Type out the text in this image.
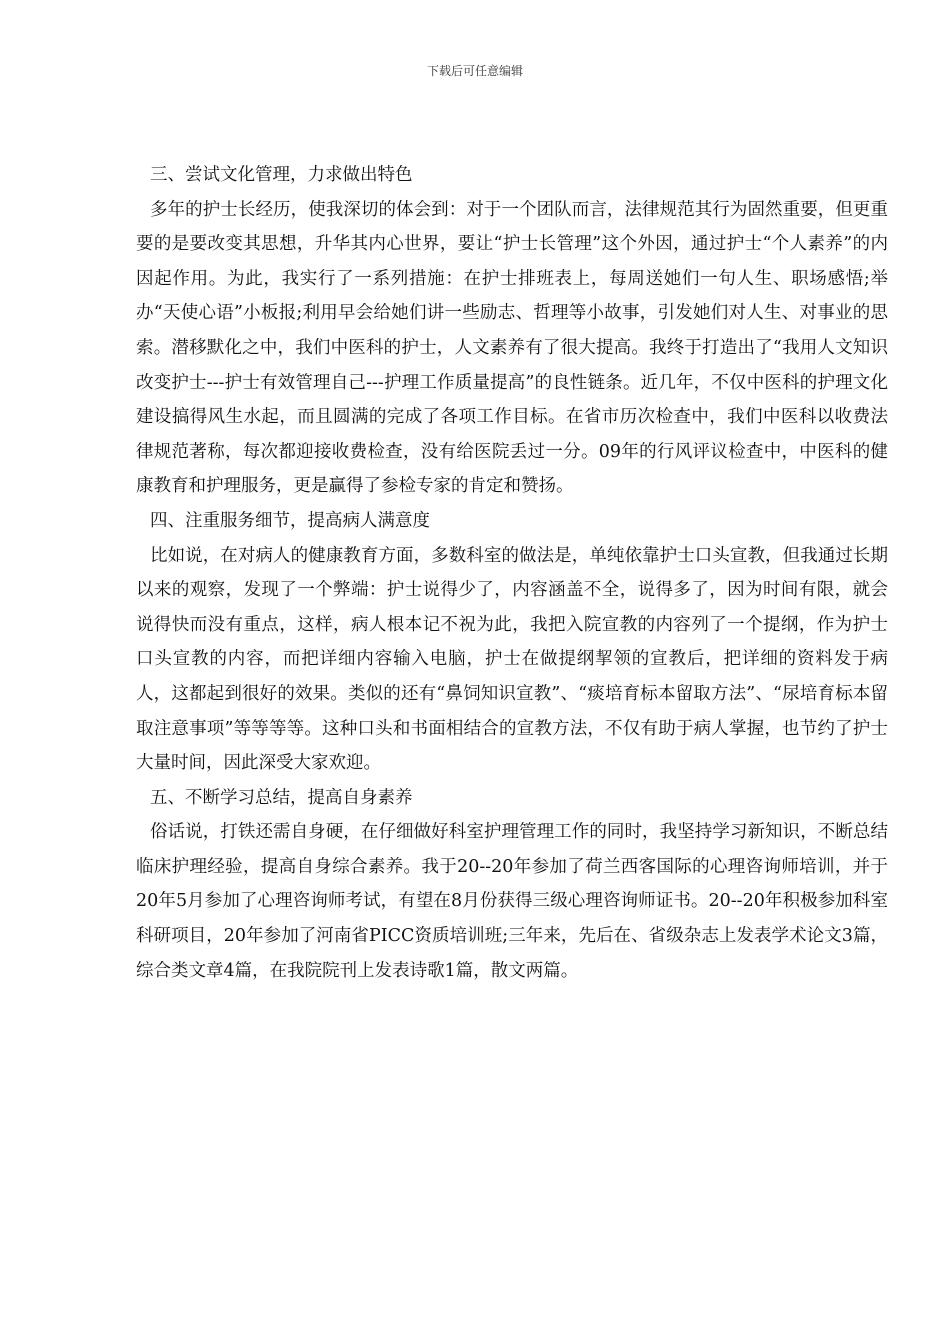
下载后可任意编辑

三、尝试文化管理，力求做出特色

多年的护士长经历，使我深切的体会到：对于一个团队而言，法律规范其行为固然重要，但更重要的是要改变其思想，升华其内心世界，要让“护士长管理”这个外因，通过护士“个人素养”的内因起作用。为此，我实行了一系列措施：在护士排班表上，每周送她们一句人生、职场感悟;举办“天使心语”小板报;利用早会给她们讲一些励志、哲理等小故事，引发她们对人生、对事业的思索。潜移默化之中，我们中医科的护士，人文素养有了很大提高。我终于打造出了“我用人文知识改变护士---护士有效管理自己---护理工作质量提高”的良性链条。近几年，不仅中医科的护理文化建设搞得风生水起，而且圆满的完成了各项工作目标。在省市历次检查中，我们中医科以收费法律规范著称，每次都迎接收费检查，没有给医院丢过一分。09年的行风评议检查中，中医科的健康教育和护理服务，更是赢得了参检专家的肯定和赞扬。

四、注重服务细节，提高病人满意度

比如说，在对病人的健康教育方面，多数科室的做法是，单纯依靠护士口头宣教，但我通过长期以来的观察，发现了一个弊端：护士说得少了，内容涵盖不全，说得多了，因为时间有限，就会说得快而没有重点，这样，病人根本记不祝为此，我把入院宣教的内容列了一个提纲，作为护士口头宣教的内容，而把详细内容输入电脑，护士在做提纲挈领的宣教后，把详细的资料发于病人，这都起到很好的效果。类似的还有“鼻饲知识宣教”、“痰培育标本留取方法”、“尿培育标本留取注意事项”等等等等。这种口头和书面相结合的宣教方法，不仅有助于病人掌握，也节约了护士大量时间，因此深受大家欢迎。

五、不断学习总结，提高自身素养

俗话说，打铁还需自身硬，在仔细做好科室护理管理工作的同时，我坚持学习新知识，不断总结临床护理经验，提高自身综合素养。我于20--20年参加了荷兰西客国际的心理咨询师培训，并于20年5月参加了心理咨询师考试，有望在8月份获得三级心理咨询师证书。20--20年积极参加科室科研项目，20年参加了河南省PICC资质培训班;三年来，先后在、省级杂志上发表学术论文3篇，综合类文章4篇，在我院院刊上发表诗歌1篇，散文两篇。
